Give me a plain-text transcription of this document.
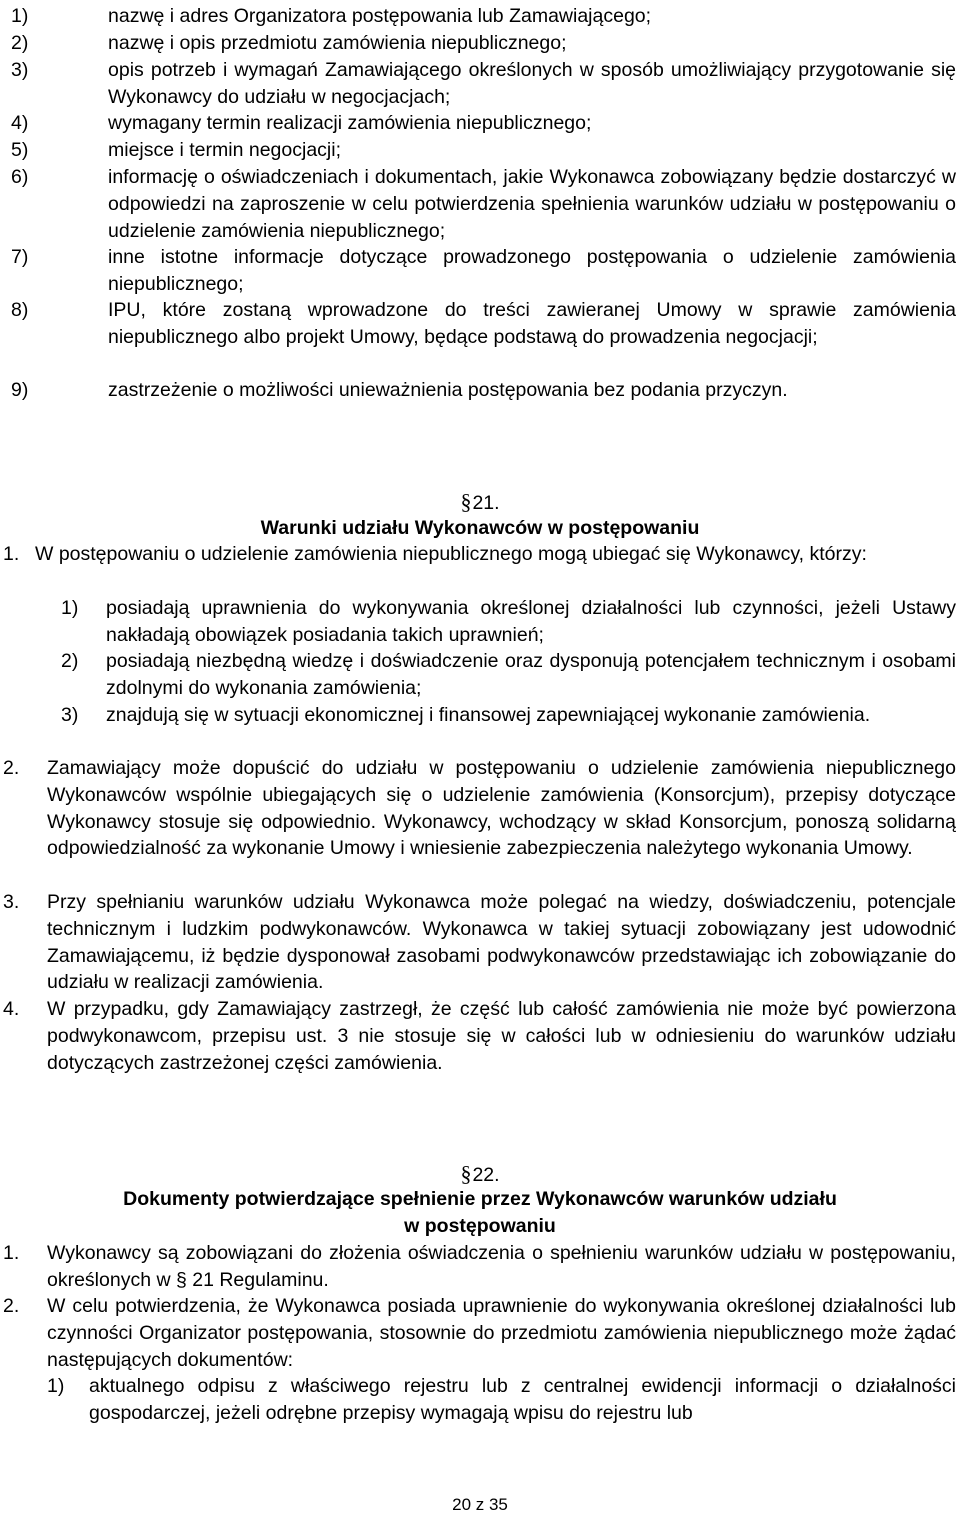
1)	nazwę i adres Organizatora postępowania lub Zamawiającego;
2)	nazwę i opis przedmiotu zamówienia niepublicznego;
3)	opis potrzeb i wymagań Zamawiającego określonych w sposób umożliwiający przygotowanie się Wykonawcy do udziału w negocjacjach;
4)	wymagany termin realizacji zamówienia niepublicznego;
5)	miejsce i termin negocjacji;
6)	informację o oświadczeniach i dokumentach, jakie Wykonawca zobowiązany będzie dostarczyć w odpowiedzi na zaproszenie w celu potwierdzenia spełnienia warunków udziału w postępowaniu o udzielenie zamówienia niepublicznego;
7)	inne istotne informacje dotyczące prowadzonego postępowania o udzielenie zamówienia niepublicznego;
8)	IPU, które zostaną wprowadzone do treści zawieranej Umowy w sprawie zamówienia niepublicznego albo projekt Umowy, będące podstawą do prowadzenia negocjacji;
9)	zastrzeżenie o możliwości unieważnienia postępowania bez podania przyczyn.
§21.
Warunki udziału Wykonawców w postępowaniu
1. W postępowaniu o udzielenie zamówienia niepublicznego mogą ubiegać się Wykonawcy, którzy:
1) posiadają uprawnienia do wykonywania określonej działalności lub czynności, jeżeli Ustawy nakładają obowiązek posiadania takich uprawnień;
2) posiadają niezbędną wiedzę i doświadczenie oraz dysponują potencjałem technicznym i osobami zdolnymi do wykonania zamówienia;
3) znajdują się w sytuacji ekonomicznej i finansowej zapewniającej wykonanie zamówienia.
2. Zamawiający może dopuścić do udziału w postępowaniu o udzielenie zamówienia niepublicznego Wykonawców wspólnie ubiegających się o udzielenie zamówienia (Konsorcjum), przepisy dotyczące Wykonawcy stosuje się odpowiednio. Wykonawcy, wchodzący w skład Konsorcjum, ponoszą solidarną odpowiedzialność za wykonanie Umowy i wniesienie zabezpieczenia należytego wykonania Umowy.
3. Przy spełnianiu warunków udziału Wykonawca może polegać na wiedzy, doświadczeniu, potencjale technicznym i ludzkim podwykonawców. Wykonawca w takiej sytuacji zobowiązany jest udowodnić Zamawiającemu, iż będzie dysponował zasobami podwykonawców przedstawiając ich zobowiązanie do udziału w realizacji zamówienia.
4. W przypadku, gdy Zamawiający zastrzegł, że część lub całość zamówienia nie może być powierzona podwykonawcom, przepisu ust. 3 nie stosuje się w całości lub w odniesieniu do warunków udziału dotyczących zastrzeżonej części zamówienia.
§22.
Dokumenty potwierdzające spełnienie przez Wykonawców warunków udziału
w postępowaniu
1. Wykonawcy są zobowiązani do złożenia oświadczenia o spełnieniu warunków udziału w postępowaniu, określonych w § 21 Regulaminu.
2. W celu potwierdzenia, że Wykonawca posiada uprawnienie do wykonywania określonej działalności lub czynności Organizator postępowania, stosownie do przedmiotu zamówienia niepublicznego może żądać następujących dokumentów:
1) aktualnego odpisu z właściwego rejestru lub z centralnej ewidencji informacji o działalności gospodarczej, jeżeli odrębne przepisy wymagają wpisu do rejestru lub
20 z 35
